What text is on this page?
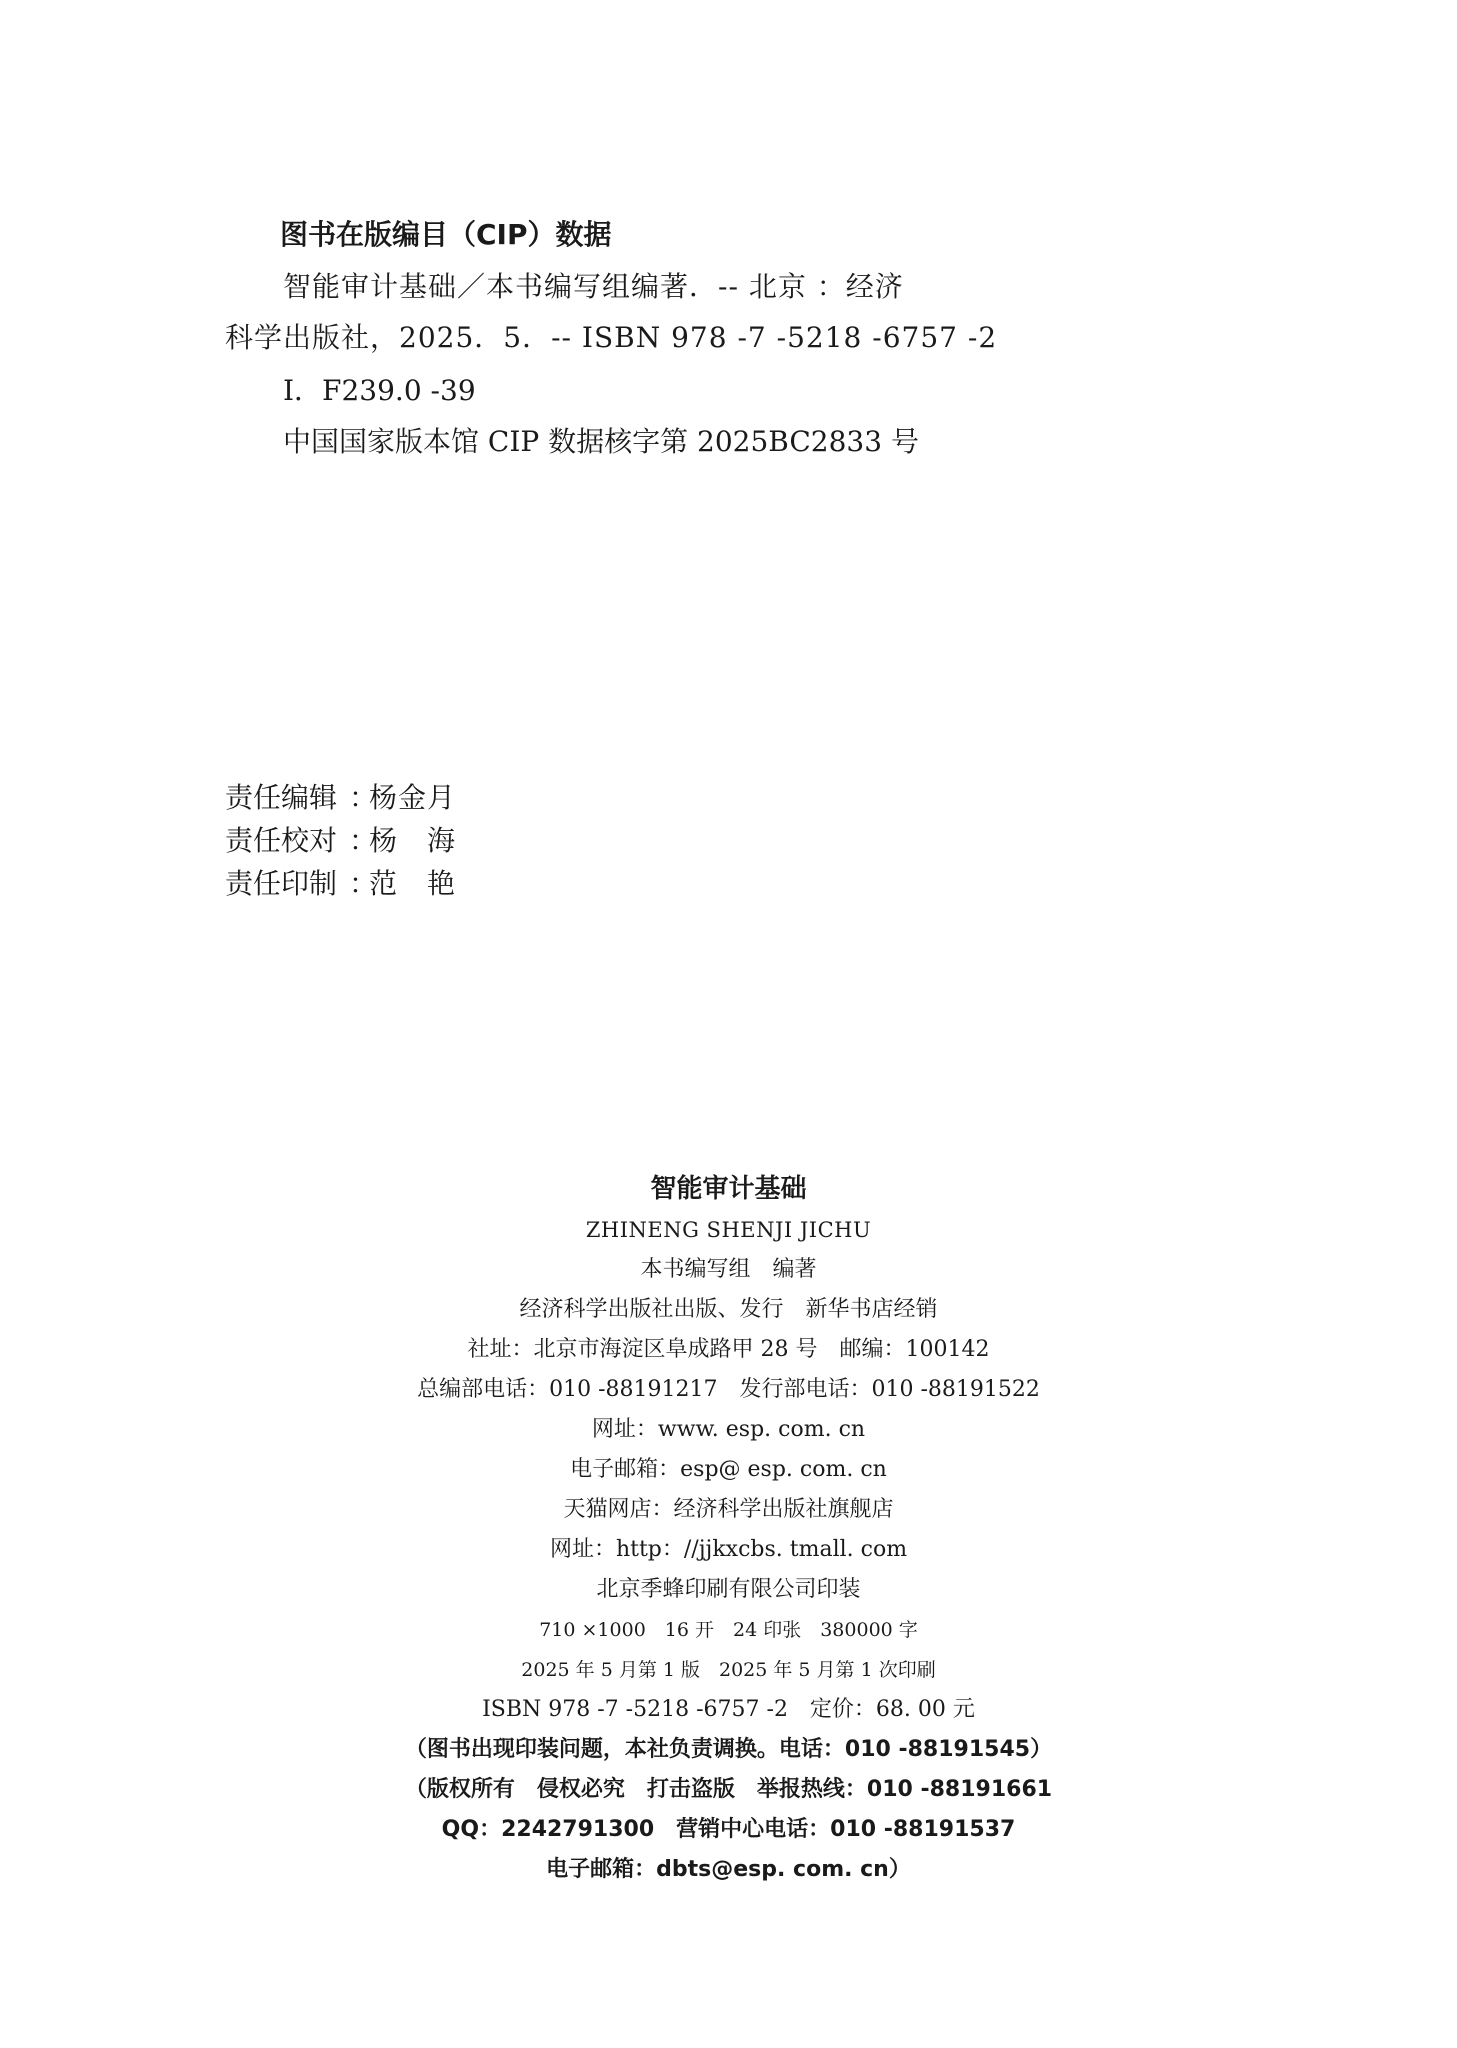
图书在版编目（CIP）数据
智能审计基础／本书编写组编著．-- 北京 ：经济
科学出版社，2025．5．-- ISBN 978 -7 -5218 -6757 -2
Ⅰ．F239.0 -39
中国国家版本馆 CIP 数据核字第 2025BC2833 号
责任编辑 ：
杨金月
责任校对 ：
杨　海
责任印制 ：
范　艳
智能审计基础
ZHINENG SHENJI JICHU
本书编写组　编著
经济科学出版社出版、发行　新华书店经销
社址：北京市海淀区阜成路甲 28 号　邮编：100142
总编部电话：010 -88191217　发行部电话：010 -88191522
网址：www. esp. com. cn
电子邮箱：esp@ esp. com. cn
天猫网店：经济科学出版社旗舰店
网址：http：//jjkxcbs. tmall. com
北京季蜂印刷有限公司印装
710 ×1000　16 开　24 印张　380000 字
2025 年 5 月第 1 版　2025 年 5 月第 1 次印刷
ISBN 978 -7 -5218 -6757 -2　定价：68. 00 元
（图书出现印装问题，本社负责调换。电话：010 -88191545）
（版权所有　侵权必究　打击盗版　举报热线：010 -88191661
QQ：2242791300　营销中心电话：010 -88191537
电子邮箱：dbts@esp. com. cn）
